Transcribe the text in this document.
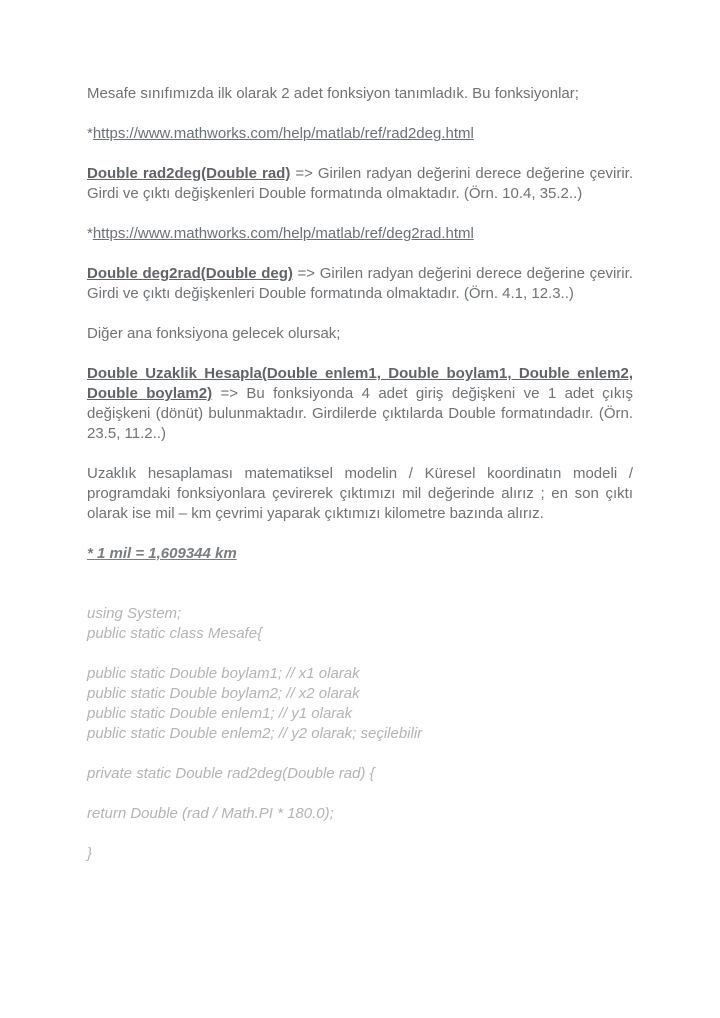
Mesafe sınıfımızda ilk olarak 2 adet fonksiyon tanımladık. Bu fonksiyonlar;

*https://www.mathworks.com/help/matlab/ref/rad2deg.html

Double rad2deg(Double rad) => Girilen radyan değerini derece değerine çevirir. Girdi ve çıktı değişkenleri Double formatında olmaktadır. (Örn. 10.4, 35.2..)

*https://www.mathworks.com/help/matlab/ref/deg2rad.html

Double deg2rad(Double deg) => Girilen radyan değerini derece değerine çevirir. Girdi ve çıktı değişkenleri Double formatında olmaktadır. (Örn. 4.1, 12.3..)

Diğer ana fonksiyona gelecek olursak;

Double Uzaklik Hesapla(Double enlem1, Double boylam1, Double enlem2, Double boylam2) => Bu fonksiyonda 4 adet giriş değişkeni ve 1 adet çıkış değişkeni (dönüt) bulunmaktadır. Girdilerde çıktılarda Double formatındadır. (Örn. 23.5, 11.2..)

Uzaklık hesaplaması matematiksel modelin / Küresel koordinatın modeli / programdaki fonksiyonlara çevirerek çıktımızı mil değerinde alırız ; en son çıktı olarak ise mil – km çevrimi yaparak çıktımızı kilometre bazında alırız.

* 1 mil = 1,609344 km

using System;
public static class Mesafe{
public static Double boylam1; // x1 olarak
public static Double boylam2; // x2 olarak
public static Double enlem1; // y1 olarak
public static Double enlem2; // y2 olarak; seçilebilir
private static Double rad2deg(Double rad) {
return Double (rad / Math.PI * 180.0);
}
